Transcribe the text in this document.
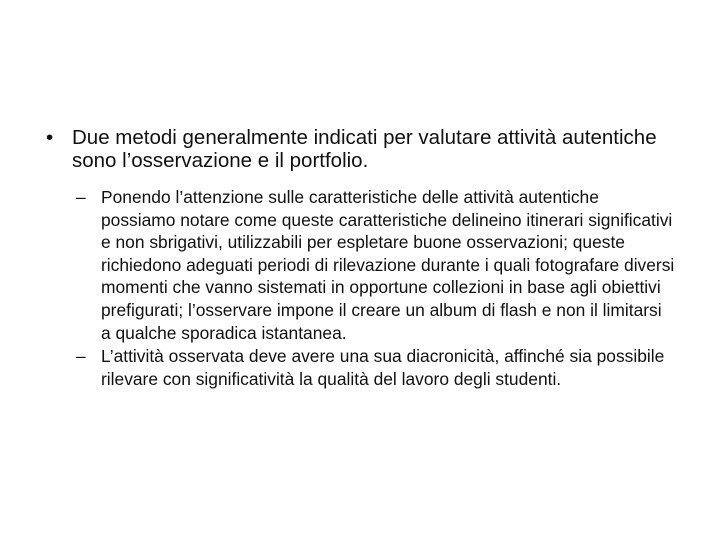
• Due metodi generalmente indicati per valutare attività autentiche sono l’osservazione e il portfolio.
– Ponendo l’attenzione sulle caratteristiche delle attività autentiche possiamo notare come queste caratteristiche delineino itinerari significativi e non sbrigativi, utilizzabili per espletare buone osservazioni; queste richiedono adeguati periodi di rilevazione durante i quali fotografare diversi momenti che vanno sistemati in opportune collezioni in base agli obiettivi prefigurati; l’osservare impone il creare un album di flash e non il limitarsi a qualche sporadica istantanea.
– L’attività osservata deve avere una sua diacronicità, affinché sia possibile rilevare con significatività la qualità del lavoro degli studenti.
